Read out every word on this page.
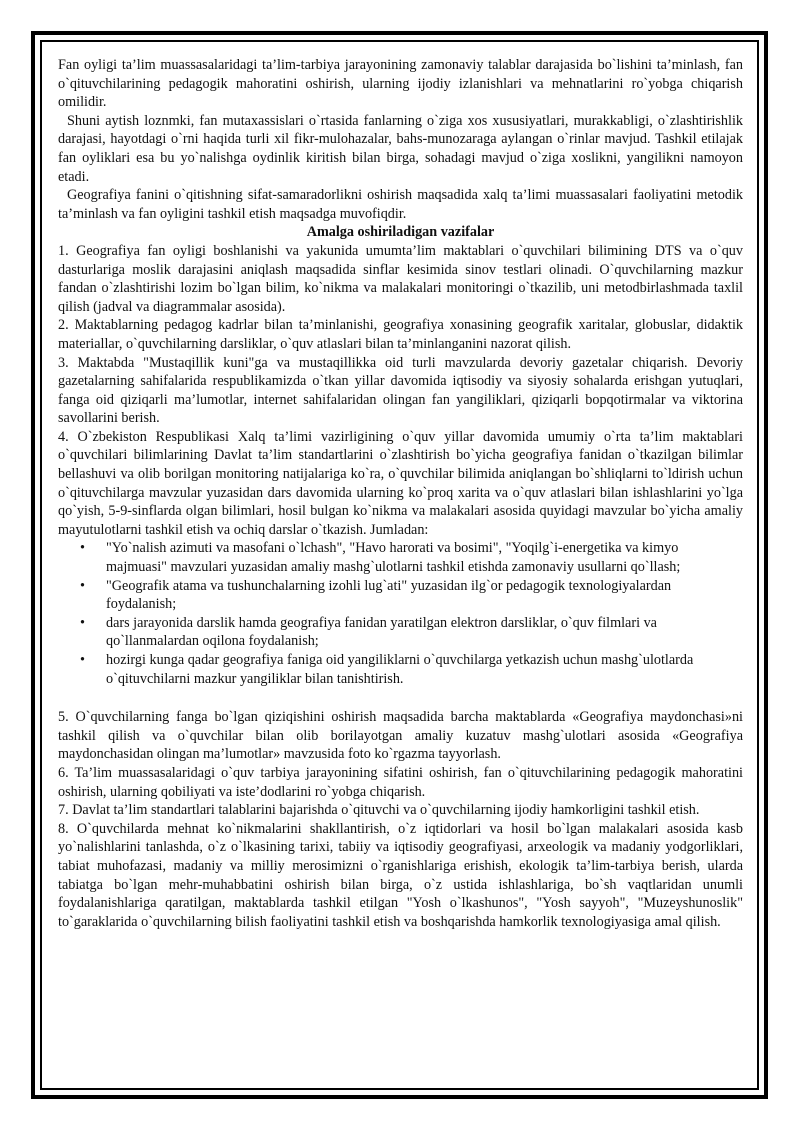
Fan oyligi ta’lim muassasalaridagi ta’lim-tarbiya jarayonining zamonaviy talablar darajasida bo`lishini ta’minlash, fan o`qituvchilarining pedagogik mahoratini oshirish, ularning ijodiy izlanishlari va mehnatlarini ro`yobga chiqarish omilidir.

Shuni aytish loznmki, fan mutaxassislari o`rtasida fanlarning o`ziga xos xususiyatlari, murakkabligi, o`zlashtirishlik darajasi, hayotdagi o`rni haqida turli xil fikr-mulohazalar, bahs-munozaraga aylangan o`rinlar mavjud. Tashkil etilajak fan oyliklari esa bu yo`nalishga oydinlik kiritish bilan birga, sohadagi mavjud o`ziga xoslikni, yangilikni namoyon etadi.

Geografiya fanini o`qitishning sifat-samaradorlikni oshirish maqsadida xalq ta’limi muassasalari faoliyatini metodik ta’minlash va fan oyligini tashkil etish maqsadga muvofiqdir.

Amalga oshiriladigan vazifalar

1. Geografiya fan oyligi boshlanishi va yakunida umumta’lim maktablari o`quvchilari bilimining DTS va o`quv dasturlariga moslik darajasini aniqlash maqsadida sinflar kesimida sinov testlari olinadi. O`quvchilarning mazkur fandan o`zlashtirishi lozim bo`lgan bilim, ko`nikma va malakalari monitoringi o`tkazilib, uni metodbirlashmada taxlil qilish (jadval va diagrammalar asosida).

2. Maktablarning pedagog kadrlar bilan ta’minlanishi, geografiya xonasining geografik xaritalar, globuslar, didaktik materiallar, o`quvchilarning darsliklar, o`quv atlaslari bilan ta’minlanganini nazorat qilish.

3. Maktabda "Mustaqillik kuni"ga va mustaqillikka oid turli mavzularda devoriy gazetalar chiqarish. Devoriy gazetalarning sahifalarida respublikamizda o`tkan yillar davomida iqtisodiy va siyosiy sohalarda erishgan yutuqlari, fanga oid qiziqarli ma’lumotlar, internet sahifalaridan olingan fan yangiliklari, qiziqarli bopqotirmalar va viktorina savollarini berish.

4. O`zbekiston Respublikasi Xalq ta’limi vazirligining o`quv yillar davomida umumiy o`rta ta’lim maktablari o`quvchilari bilimlarining Davlat ta’lim standartlarini o`zlashtirish bo`yicha geografiya fanidan o`tkazilgan bilimlar bellashuvi va olib borilgan monitoring natijalariga ko`ra, o`quvchilar bilimida aniqlangan bo`shliqlarni to`ldirish uchun o`qituvchilarga mavzular yuzasidan dars davomida ularning ko`proq xarita va o`quv atlaslari bilan ishlashlarini yo`lga qo`yish, 5-9-sinflarda olgan bilimlari, hosil bulgan ko`nikma va malakalari asosida quyidagi mavzular bo`yicha amaliy mayutulotlarni tashkil etish va ochiq darslar o`tkazish. Jumladan:

• "Yo`nalish azimuti va masofani o`lchash", "Havo harorati va bosimi", "Yoqilg`i-energetika va kimyo majmuasi" mavzulari yuzasidan amaliy mashg`ulotlarni tashkil etishda zamonaviy usullarni qo`llash;
• "Geografik atama va tushunchalarning izohli lug`ati" yuzasidan ilg`or pedagogik texnologiyalardan foydalanish;
• dars jarayonida darslik hamda geografiya fanidan yaratilgan elektron darsliklar, o`quv filmlari va qo`llanmalardan oqilona foydalanish;
• hozirgi kunga qadar geografiya faniga oid yangiliklarni o`quvchilarga yetkazish uchun mashg`ulotlarda o`qituvchilarni mazkur yangiliklar bilan tanishtirish.

5. O`quvchilarning fanga bo`lgan qiziqishini oshirish maqsadida barcha maktablarda «Geografiya maydonchasi»ni tashkil qilish va o`quvchilar bilan olib borilayotgan amaliy kuzatuv mashg`ulotlari asosida «Geografiya maydonchasidan olingan ma’lumotlar» mavzusida foto ko`rgazma tayyorlash.

6. Ta’lim muassasalaridagi o`quv tarbiya jarayonining sifatini oshirish, fan o`qituvchilarining pedagogik mahoratini oshirish, ularning qobiliyati va iste’dodlarini ro`yobga chiqarish.

7. Davlat ta’lim standartlari talablarini bajarishda o`qituvchi va o`quvchilarning ijodiy hamkorligini tashkil etish.

8. O`quvchilarda mehnat ko`nikmalarini shakllantirish, o`z iqtidorlari va hosil bo`lgan malakalari asosida kasb yo`nalishlarini tanlashda, o`z o`lkasining tarixi, tabiiy va iqtisodiy geografiyasi, arxeologik va madaniy yodgorliklari, tabiat muhofazasi, madaniy va milliy merosimizni o`rganishlariga erishish, ekologik ta’lim-tarbiya berish, ularda tabiatga bo`lgan mehr-muhabbatini oshirish bilan birga, o`z ustida ishlashlariga, bo`sh vaqtlaridan unumli foydalanishlariga qaratilgan, maktablarda tashkil etilgan "Yosh o`lkashunos", "Yosh sayyoh", "Muzeyshunoslik" to`garaklarida o`quvchilarning bilish faoliyatini tashkil etish va boshqarishda hamkorlik texnologiyasiga amal qilish.
